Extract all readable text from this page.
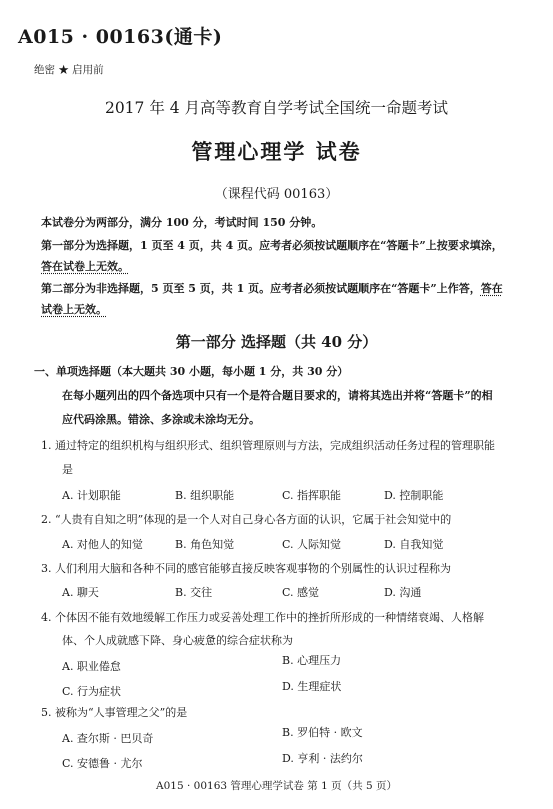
A015 · 00163(通卡)
绝密 ★ 启用前
2017 年 4 月高等教育自学考试全国统一命题考试
管理心理学 试卷
（课程代码 00163）
本试卷分为两部分，满分 100 分，考试时间 150 分钟。
第一部分为选择题，1 页至 4 页，共 4 页。应考者必须按试题顺序在“答题卡”上按要求填涂，
答在试卷上无效。
第二部分为非选择题，5 页至 5 页，共 1 页。应考者必须按试题顺序在“答题卡”上作答，答在
试卷上无效。
第一部分 选择题（共 40 分）
一、单项选择题（本大题共 30 小题，每小题 1 分，共 30 分）
在每小题列出的四个备选项中只有一个是符合题目要求的，请将其选出并将“答题卡”的相
应代码涂黑。错涂、多涂或未涂均无分。
1. 通过特定的组织机构与组织形式、组织管理原则与方法，完成组织活动任务过程的管理职能
是
A. 计划职能	B. 组织职能	C. 指挥职能	D. 控制职能
2. “人贵有自知之明”体现的是一个人对自己身心各方面的认识，它属于社会知觉中的
A. 对他人的知觉	B. 角色知觉	C. 人际知觉	D. 自我知觉
3. 人们利用大脑和各种不同的感官能够直接反映客观事物的个别属性的认识过程称为
A. 聊天	B. 交往	C. 感觉	D. 沟通
4. 个体因不能有效地缓解工作压力或妥善处理工作中的挫折所形成的一种情绪衰竭、人格解
体、个人成就感下降、身心疲惫的综合症状称为
A. 职业倦怠	B. 心理压力
C. 行为症状	D. 生理症状
5. 被称为“人事管理之父”的是
A. 查尔斯 · 巴贝奇	B. 罗伯特 · 欧文
C. 安德鲁 · 尤尔	D. 亨利 · 法约尔
A015 · 00163 管理心理学试卷 第 1 页（共 5 页）
